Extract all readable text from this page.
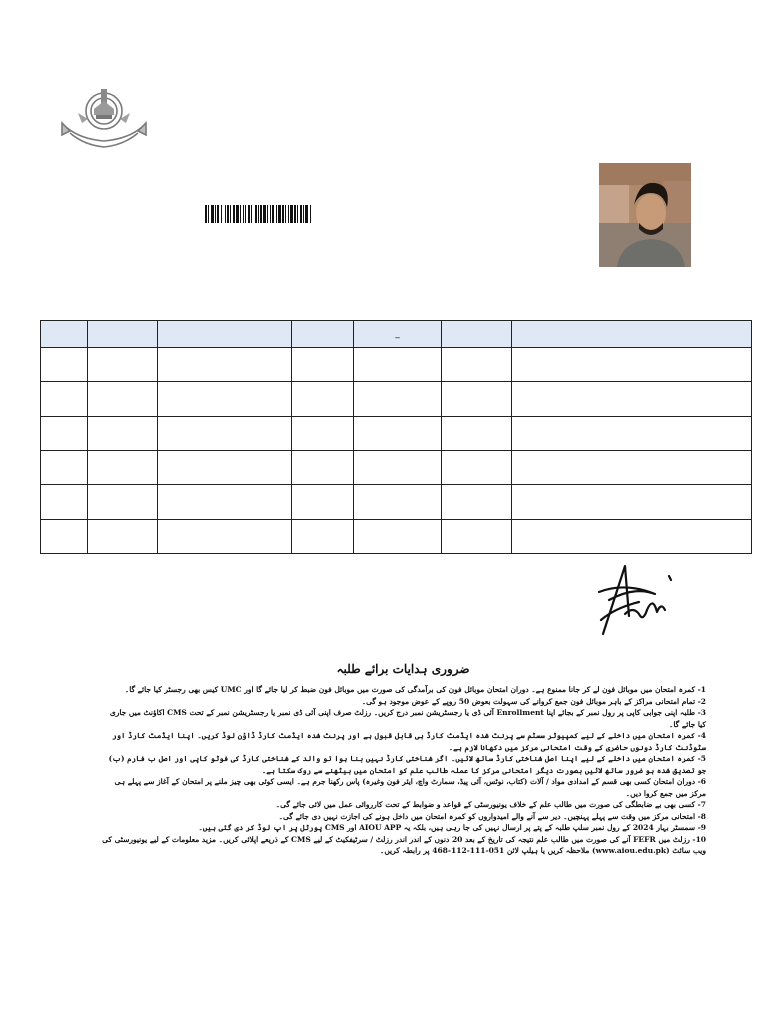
				_		

ضروری ہدایات برائے طلبہ
1- کمرہ امتحان میں موبائل فون لے کر جانا ممنوع ہے۔ دوران امتحان موبائل فون کی برآمدگی کی صورت میں موبائل فون ضبط کر لیا جائے گا اور UMC کیس بھی رجسٹر کیا جائے گا۔
2- تمام امتحانی مراکز کے باہر موبائل فون جمع کروانے کی سہولت بعوض 50 روپے کے عوض موجود ہو گی۔
3- طلبہ اپنی جوابی کاپی پر رول نمبر کے بجائے اپنا Enrollment آئی ڈی یا رجسٹریشن نمبر درج کریں۔ رزلٹ صرف اپنی آئی ڈی نمبر یا رجسٹریشن نمبر کے تحت CMS اکاؤنٹ میں جاری کیا جائے گا۔
4- کمرہ امتحان میں داخلے کے لیے کمپیوٹر سسٹم سے پرنٹ شدہ ایڈمٹ کارڈ ہی قابل قبول ہے اور پرنٹ شدہ ایڈمٹ کارڈ ڈاؤن لوڈ کریں۔ اپنا ایڈمٹ کارڈ اور سٹوڈنٹ کارڈ دونوں حاضری کے وقت امتحانی مرکز میں دکھانا لازم ہے۔
5- کمرہ امتحان میں داخلے کے لیے اپنا اصل شناختی کارڈ ساتھ لائیں۔ اگر شناختی کارڈ نہیں بنا ہوا تو والد کے شناختی کارڈ کی فوٹو کاپی اور اصل ب فارم (ب) جو تصدیق شدہ ہو ضرور ساتھ لائیں بصورت دیگر امتحانی مرکز کا عملہ طالب علم کو امتحان میں بیٹھنے سے روک سکتا ہے۔
6- دوران امتحان کسی بھی قسم کے امدادی مواد / آلات (کتاب، نوٹس، آئی پیڈ، سمارٹ واچ، ایئر فون وغیرہ) پاس رکھنا جرم ہے۔ ایسی کوئی بھی چیز ملنے پر امتحان کے آغاز سے پہلے ہی مرکز میں جمع کروا دیں۔
7- کسی بھی بے ضابطگی کی صورت میں طالب علم کے خلاف یونیورسٹی کے قواعد و ضوابط کے تحت کارروائی عمل میں لائی جائے گی۔
8- امتحانی مرکز میں وقت سے پہلے پہنچیں۔ دیر سے آنے والے امیدواروں کو کمرہ امتحان میں داخل ہونے کی اجازت نہیں دی جائے گی۔
9- سمسٹر بہار 2024 کے رول نمبر سلپ طلبہ کے پتے پر ارسال نہیں کی جا رہی ہیں، بلکہ یہ AIOU APP اور CMS پورٹل پر اپ لوڈ کر دی گئی ہیں۔
10- رزلٹ میں FEFR آنے کی صورت میں طالب علم نتیجہ کی تاریخ کے بعد 20 دنوں کے اندر اندر رزلٹ / سرٹیفکیٹ کے لیے CMS کے ذریعے اپلائی کریں۔ مزید معلومات کے لیے یونیورسٹی کی ویب سائٹ (www.aiou.edu.pk) ملاحظہ کریں یا ہیلپ لائن 051-111-112-468 پر رابطہ کریں۔
